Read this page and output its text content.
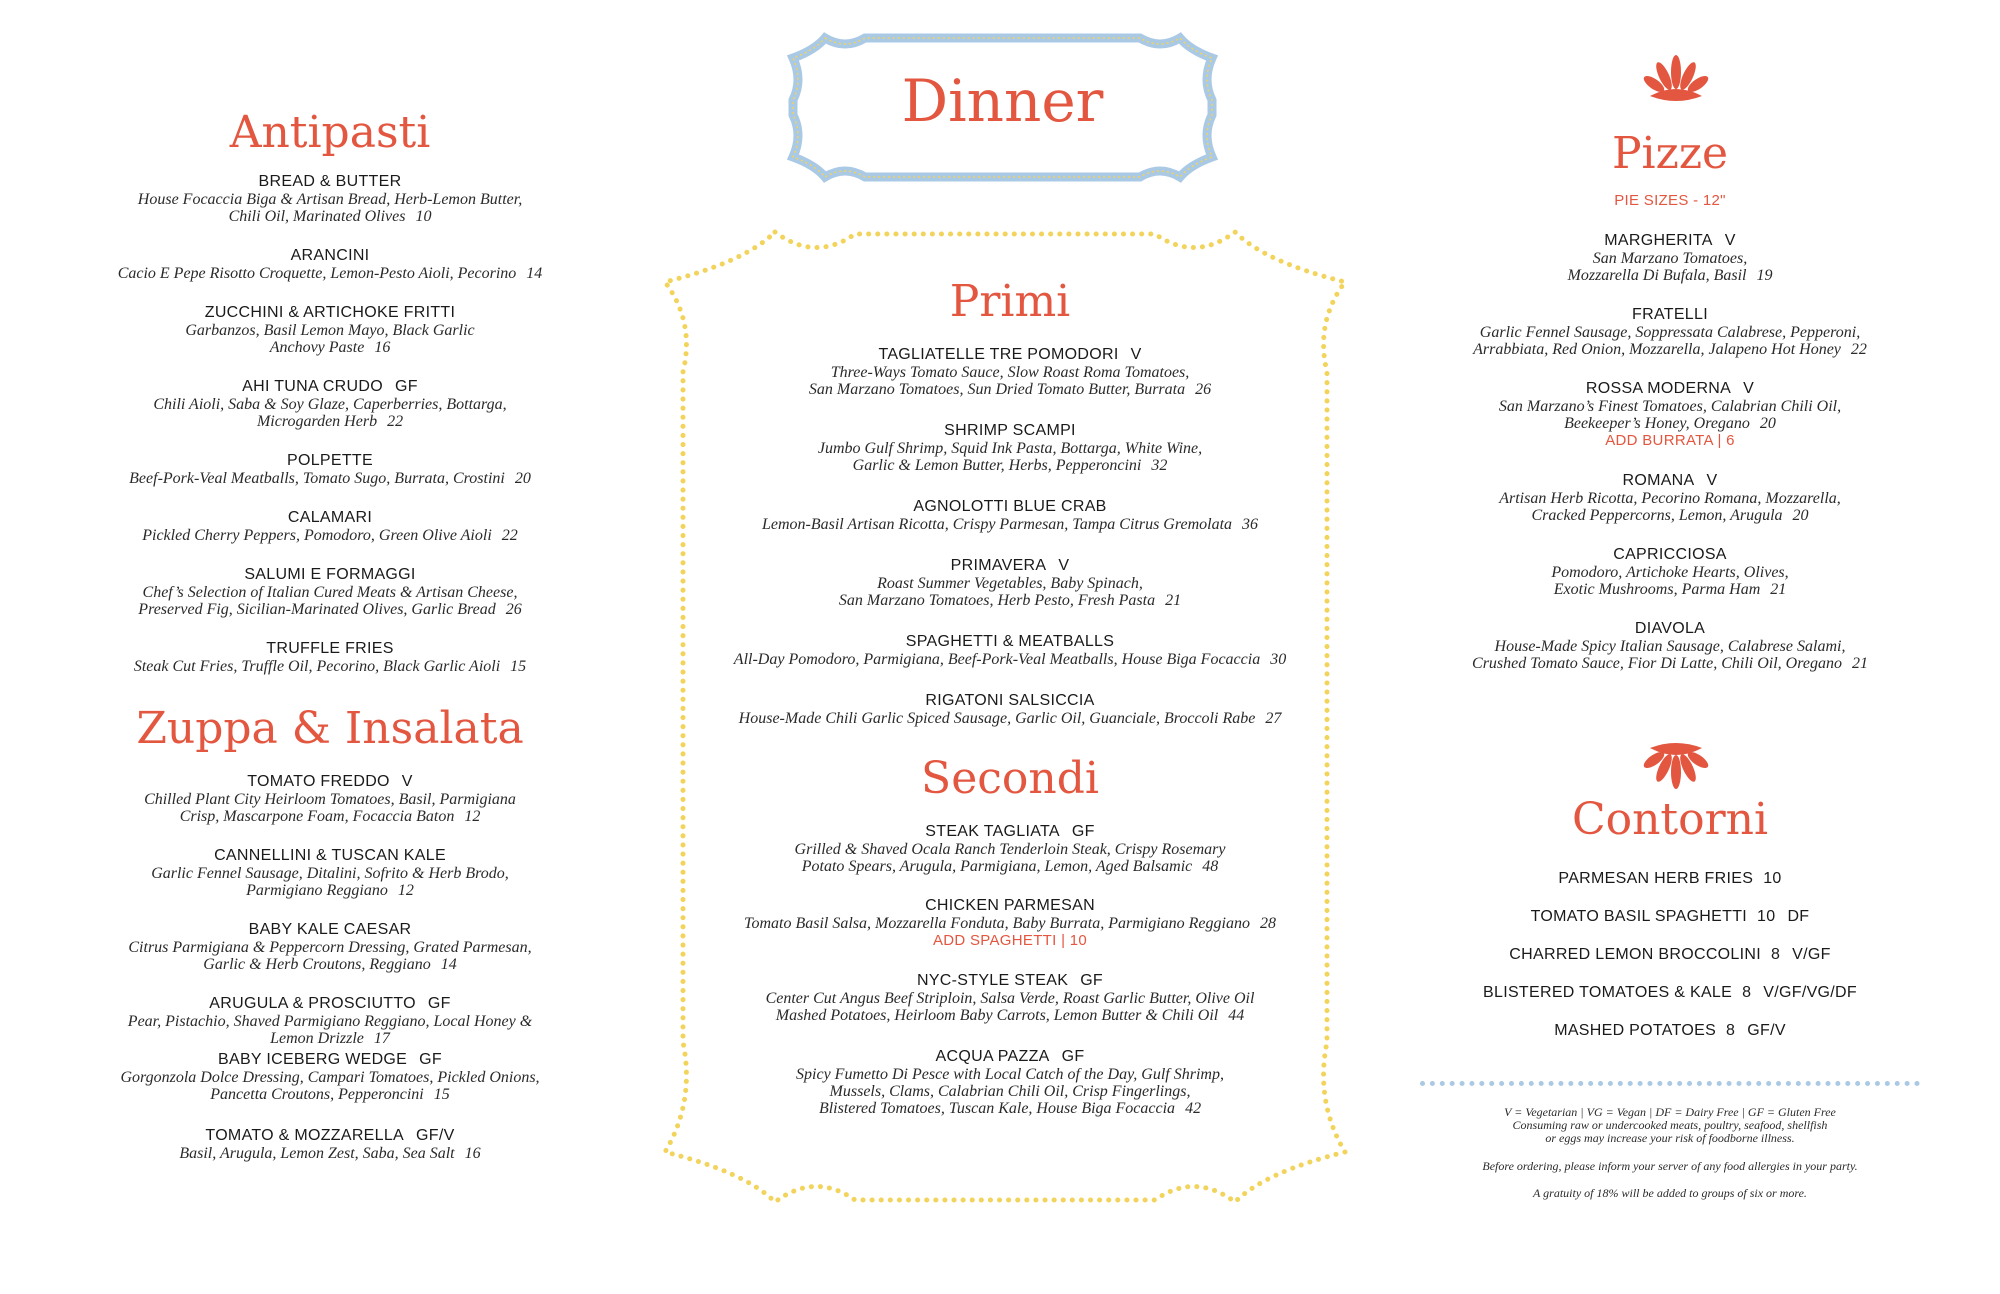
Dinner
Antipasti
BREAD & BUTTER
House Focaccia Biga & Artisan Bread, Herb-Lemon Butter,
Chili Oil, Marinated Olives 10
ARANCINI
Cacio E Pepe Risotto Croquette, Lemon-Pesto Aioli, Pecorino 14
ZUCCHINI & ARTICHOKE FRITTI
Garbanzos, Basil Lemon Mayo, Black Garlic
Anchovy Paste 16
AHI TUNA CRUDO GF
Chili Aioli, Saba & Soy Glaze, Caperberries, Bottarga,
Microgarden Herb 22
POLPETTE
Beef-Pork-Veal Meatballs, Tomato Sugo, Burrata, Crostini 20
CALAMARI
Pickled Cherry Peppers, Pomodoro, Green Olive Aioli 22
SALUMI E FORMAGGI
Chef’s Selection of Italian Cured Meats & Artisan Cheese,
Preserved Fig, Sicilian-Marinated Olives, Garlic Bread 26
TRUFFLE FRIES
Steak Cut Fries, Truffle Oil, Pecorino, Black Garlic Aioli 15
Zuppa & Insalata
TOMATO FREDDO V
Chilled Plant City Heirloom Tomatoes, Basil, Parmigiana
Crisp, Mascarpone Foam, Focaccia Baton 12
CANNELLINI & TUSCAN KALE
Garlic Fennel Sausage, Ditalini, Sofrito & Herb Brodo,
Parmigiano Reggiano 12
BABY KALE CAESAR
Citrus Parmigiana & Peppercorn Dressing, Grated Parmesan,
Garlic & Herb Croutons, Reggiano 14
ARUGULA & PROSCIUTTO GF
Pear, Pistachio, Shaved Parmigiano Reggiano, Local Honey &
Lemon Drizzle 17
BABY ICEBERG WEDGE GF
Gorgonzola Dolce Dressing, Campari Tomatoes, Pickled Onions,
Pancetta Croutons, Pepperoncini 15
TOMATO & MOZZARELLA GF/V
Basil, Arugula, Lemon Zest, Saba, Sea Salt 16
Primi
TAGLIATELLE TRE POMODORI V
Three-Ways Tomato Sauce, Slow Roast Roma Tomatoes,
San Marzano Tomatoes, Sun Dried Tomato Butter, Burrata 26
SHRIMP SCAMPI
Jumbo Gulf Shrimp, Squid Ink Pasta, Bottarga, White Wine,
Garlic & Lemon Butter, Herbs, Pepperoncini 32
AGNOLOTTI BLUE CRAB
Lemon-Basil Artisan Ricotta, Crispy Parmesan, Tampa Citrus Gremolata 36
PRIMAVERA V
Roast Summer Vegetables, Baby Spinach,
San Marzano Tomatoes, Herb Pesto, Fresh Pasta 21
SPAGHETTI & MEATBALLS
All-Day Pomodoro, Parmigiana, Beef-Pork-Veal Meatballs, House Biga Focaccia 30
RIGATONI SALSICCIA
House-Made Chili Garlic Spiced Sausage, Garlic Oil, Guanciale, Broccoli Rabe 27
Secondi
STEAK TAGLIATA GF
Grilled & Shaved Ocala Ranch Tenderloin Steak, Crispy Rosemary
Potato Spears, Arugula, Parmigiana, Lemon, Aged Balsamic 48
CHICKEN PARMESAN
Tomato Basil Salsa, Mozzarella Fonduta, Baby Burrata, Parmigiano Reggiano 28
ADD SPAGHETTI | 10
NYC-STYLE STEAK GF
Center Cut Angus Beef Striploin, Salsa Verde, Roast Garlic Butter, Olive Oil
Mashed Potatoes, Heirloom Baby Carrots, Lemon Butter & Chili Oil 44
ACQUA PAZZA GF
Spicy Fumetto Di Pesce with Local Catch of the Day, Gulf Shrimp,
Mussels, Clams, Calabrian Chili Oil, Crisp Fingerlings,
Blistered Tomatoes, Tuscan Kale, House Biga Focaccia 42
Pizze
PIE SIZES - 12"
MARGHERITA V
San Marzano Tomatoes,
Mozzarella Di Bufala, Basil 19
FRATELLI
Garlic Fennel Sausage, Soppressata Calabrese, Pepperoni,
Arrabbiata, Red Onion, Mozzarella, Jalapeno Hot Honey 22
ROSSA MODERNA V
San Marzano’s Finest Tomatoes, Calabrian Chili Oil,
Beekeeper’s Honey, Oregano 20
ADD BURRATA | 6
ROMANA V
Artisan Herb Ricotta, Pecorino Romana, Mozzarella,
Cracked Peppercorns, Lemon, Arugula 20
CAPRICCIOSA
Pomodoro, Artichoke Hearts, Olives,
Exotic Mushrooms, Parma Ham 21
DIAVOLA
House-Made Spicy Italian Sausage, Calabrese Salami,
Crushed Tomato Sauce, Fior Di Latte, Chili Oil, Oregano 21
Contorni
PARMESAN HERB FRIES 10
TOMATO BASIL SPAGHETTI 10 DF
CHARRED LEMON BROCCOLINI 8 V/GF
BLISTERED TOMATOES & KALE 8 V/GF/VG/DF
MASHED POTATOES 8 GF/V
V = Vegetarian | VG = Vegan | DF = Dairy Free | GF = Gluten Free
Consuming raw or undercooked meats, poultry, seafood, shellfish
or eggs may increase your risk of foodborne illness.
Before ordering, please inform your server of any food allergies in your party.
A gratuity of 18% will be added to groups of six or more.
